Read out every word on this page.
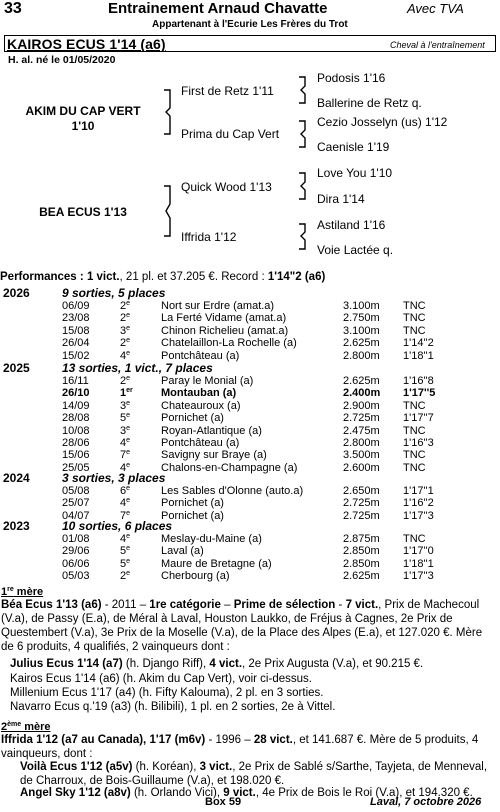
33	Entrainement Arnaud Chavatte	Avec TVA
Appartenant à l'Ecurie Les Frères du Trot
KAIROS ECUS 1'14 (a6)	Cheval à l'entraînement
H. al. né le 01/05/2020
AKIM DU CAP VERT
1'10
First de Retz 1'11
Prima du Cap Vert
Podosis 1'16
Ballerine de Retz q.
Cezio Josselyn (us) 1'12
Caenisle 1'19
BEA ECUS 1'13
Quick Wood 1'13
Iffrida 1'12
Love You 1'10
Dira 1'14
Astiland 1'16
Voie Lactée q.
Performances : 1 vict., 21 pl. et 37.205 €. Record : 1'14"2 (a6)
2026	9 sorties, 5 places
06/09	2e	Nort sur Erdre (amat.a)	3.100m TNC
23/08	2e	La Ferté Vidame (amat.a)	2.750m TNC
15/08	3e	Chinon Richelieu (amat.a)	3.100m TNC
26/04	2e	Chatelaillon-La Rochelle (a)	2.625m 1'14''2
15/02	4e	Pontchâteau (a)	2.800m 1'18''1
2025	13 sorties, 1 vict., 7 places
16/11	2e	Paray le Monial (a)	2.625m 1'16''8
26/10	1er	Montauban (a)	2.400m 1'17''5
14/09	3e	Chateauroux (a)	2.900m TNC
28/08	5e	Pornichet (a)	2.725m 1'17''7
10/08	3e	Royan-Atlantique (a)	2.475m TNC
28/06	4e	Pontchâteau (a)	2.800m 1'16''3
15/06	7e	Savigny sur Braye (a)	3.500m TNC
25/05	4e	Chalons-en-Champagne (a)	2.600m TNC
2024	3 sorties, 3 places
05/08	6e	Les Sables d'Olonne (auto.a)	2.650m 1'17''1
25/07	4e	Pornichet (a)	2.725m 1'16''2
04/07	7e	Pornichet (a)	2.725m 1'17''3
2023	10 sorties, 6 places
01/08	4e	Meslay-du-Maine (a)	2.875m TNC
29/06	5e	Laval (a)	2.850m 1'17''0
06/06	5e	Maure de Bretagne (a)	2.850m 1'18''1
05/03	2e	Cherbourg (a)	2.625m 1'17''3
1re mère
Béa Ecus 1'13 (a6) - 2011 – 1re catégorie – Prime de sélection - 7 vict., Prix de Machecoul (V.a), de Passy (E.a), de Méral à Laval, Houston Laukko, de Fréjus à Cagnes, 2e Prix de Questembert (V.a), 3e Prix de la Moselle (V.a), de la Place des Alpes (E.a), et 127.020 €. Mère de 6 produits, 4 qualifiés, 2 vainqueurs dont :
Julius Ecus 1'14 (a7) (h. Django Riff), 4 vict., 2e Prix Augusta (V.a), et 90.215 €.
Kairos Ecus 1'14 (a6) (h. Akim du Cap Vert), voir ci-dessus.
Millenium Ecus 1'17 (a4) (h. Fifty Kalouma), 2 pl. en 3 sorties.
Navarro Ecus q.'19 (a3) (h. Bilibili), 1 pl. en 2 sorties, 2e à Vittel.
2ème mère
Iffrida 1'12 (a7 au Canada), 1'17 (m6v) - 1996 – 28 vict., et 141.687 €. Mère de 5 produits, 4 vainqueurs, dont :
Voilà Ecus 1'12 (a5v) (h. Koréan), 3 vict., 2e Prix de Sablé s/Sarthe, Tayjeta, de Menneval, de Charroux, de Bois-Guillaume (V.a), et 198.020 €.
Angel Sky 1'12 (a8v) (h. Orlando Vici), 9 vict., 4e Prix de Bois le Roi (V.a), et 194.320 €.
Box 59	Laval, 7 octobre 2026
